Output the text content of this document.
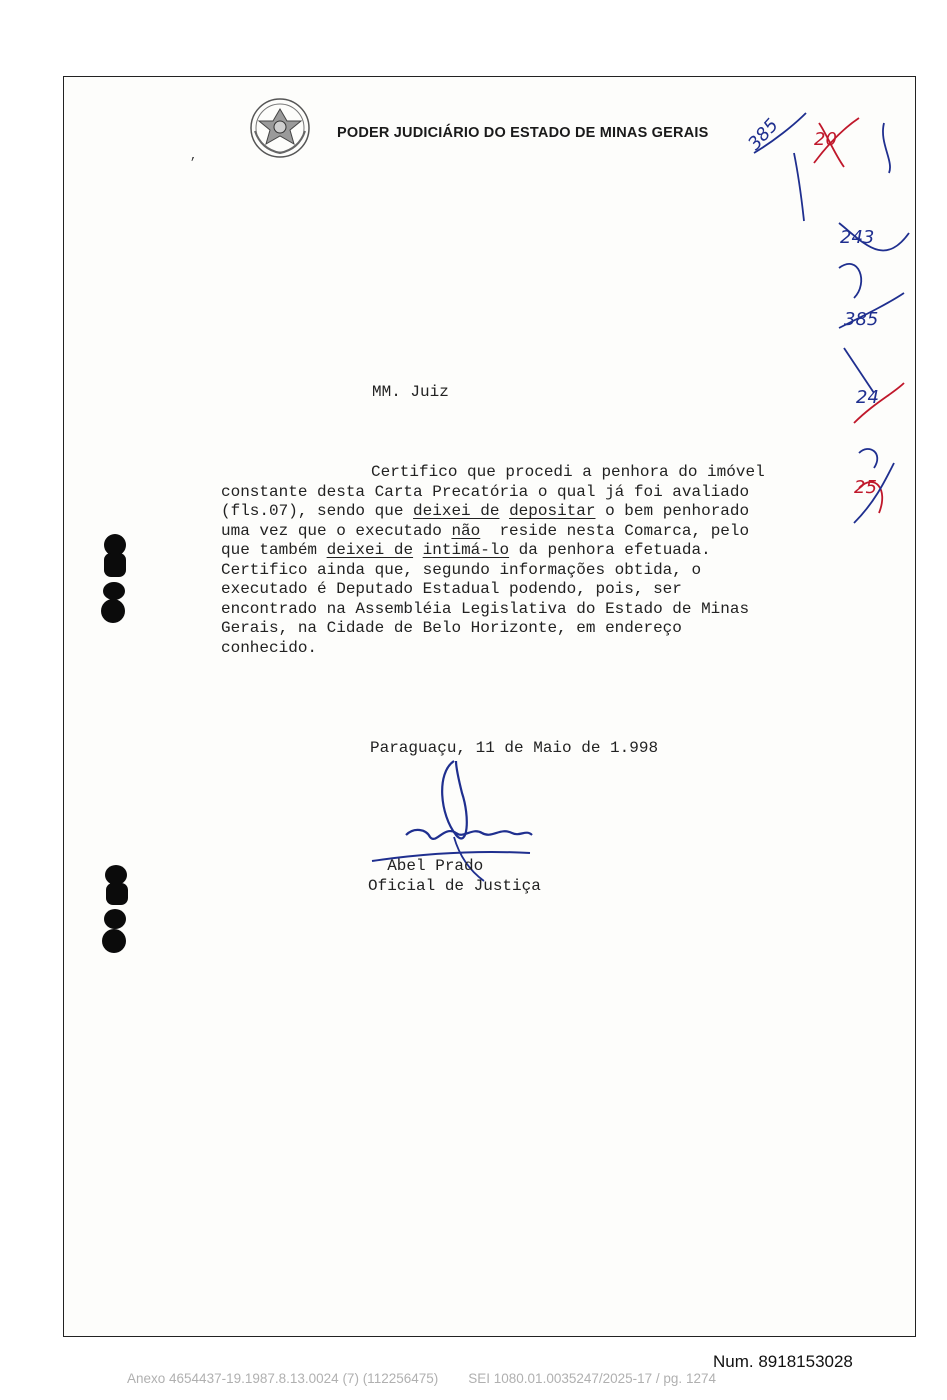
PODER JUDICIÁRIO DO ESTADO DE MINAS GERAIS
,
MM. Juiz
Certifico que procedi a penhora do imóvel
constante desta Carta Precatória o qual já foi avaliado
(fls.07), sendo que deixei de depositar o bem penhorado
uma vez que o executado não  reside nesta Comarca, pelo
que também deixei de intimá-lo da penhora efetuada.
Certifico ainda que, segundo informações obtida, o
executado é Deputado Estadual podendo, pois, ser
encontrado na Assembléia Legislativa do Estado de Minas
Gerais, na Cidade de Belo Horizonte, em endereço
conhecido.
Paraguaçu, 11 de Maio de 1.998
Abel Prado
Oficial de Justiça
385 20
243
385
24
25
Num. 8918153028
Anexo 4654437-19.1987.8.13.0024 (7) (112256475)        SEI 1080.01.0035247/2025-17 / pg. 1274
